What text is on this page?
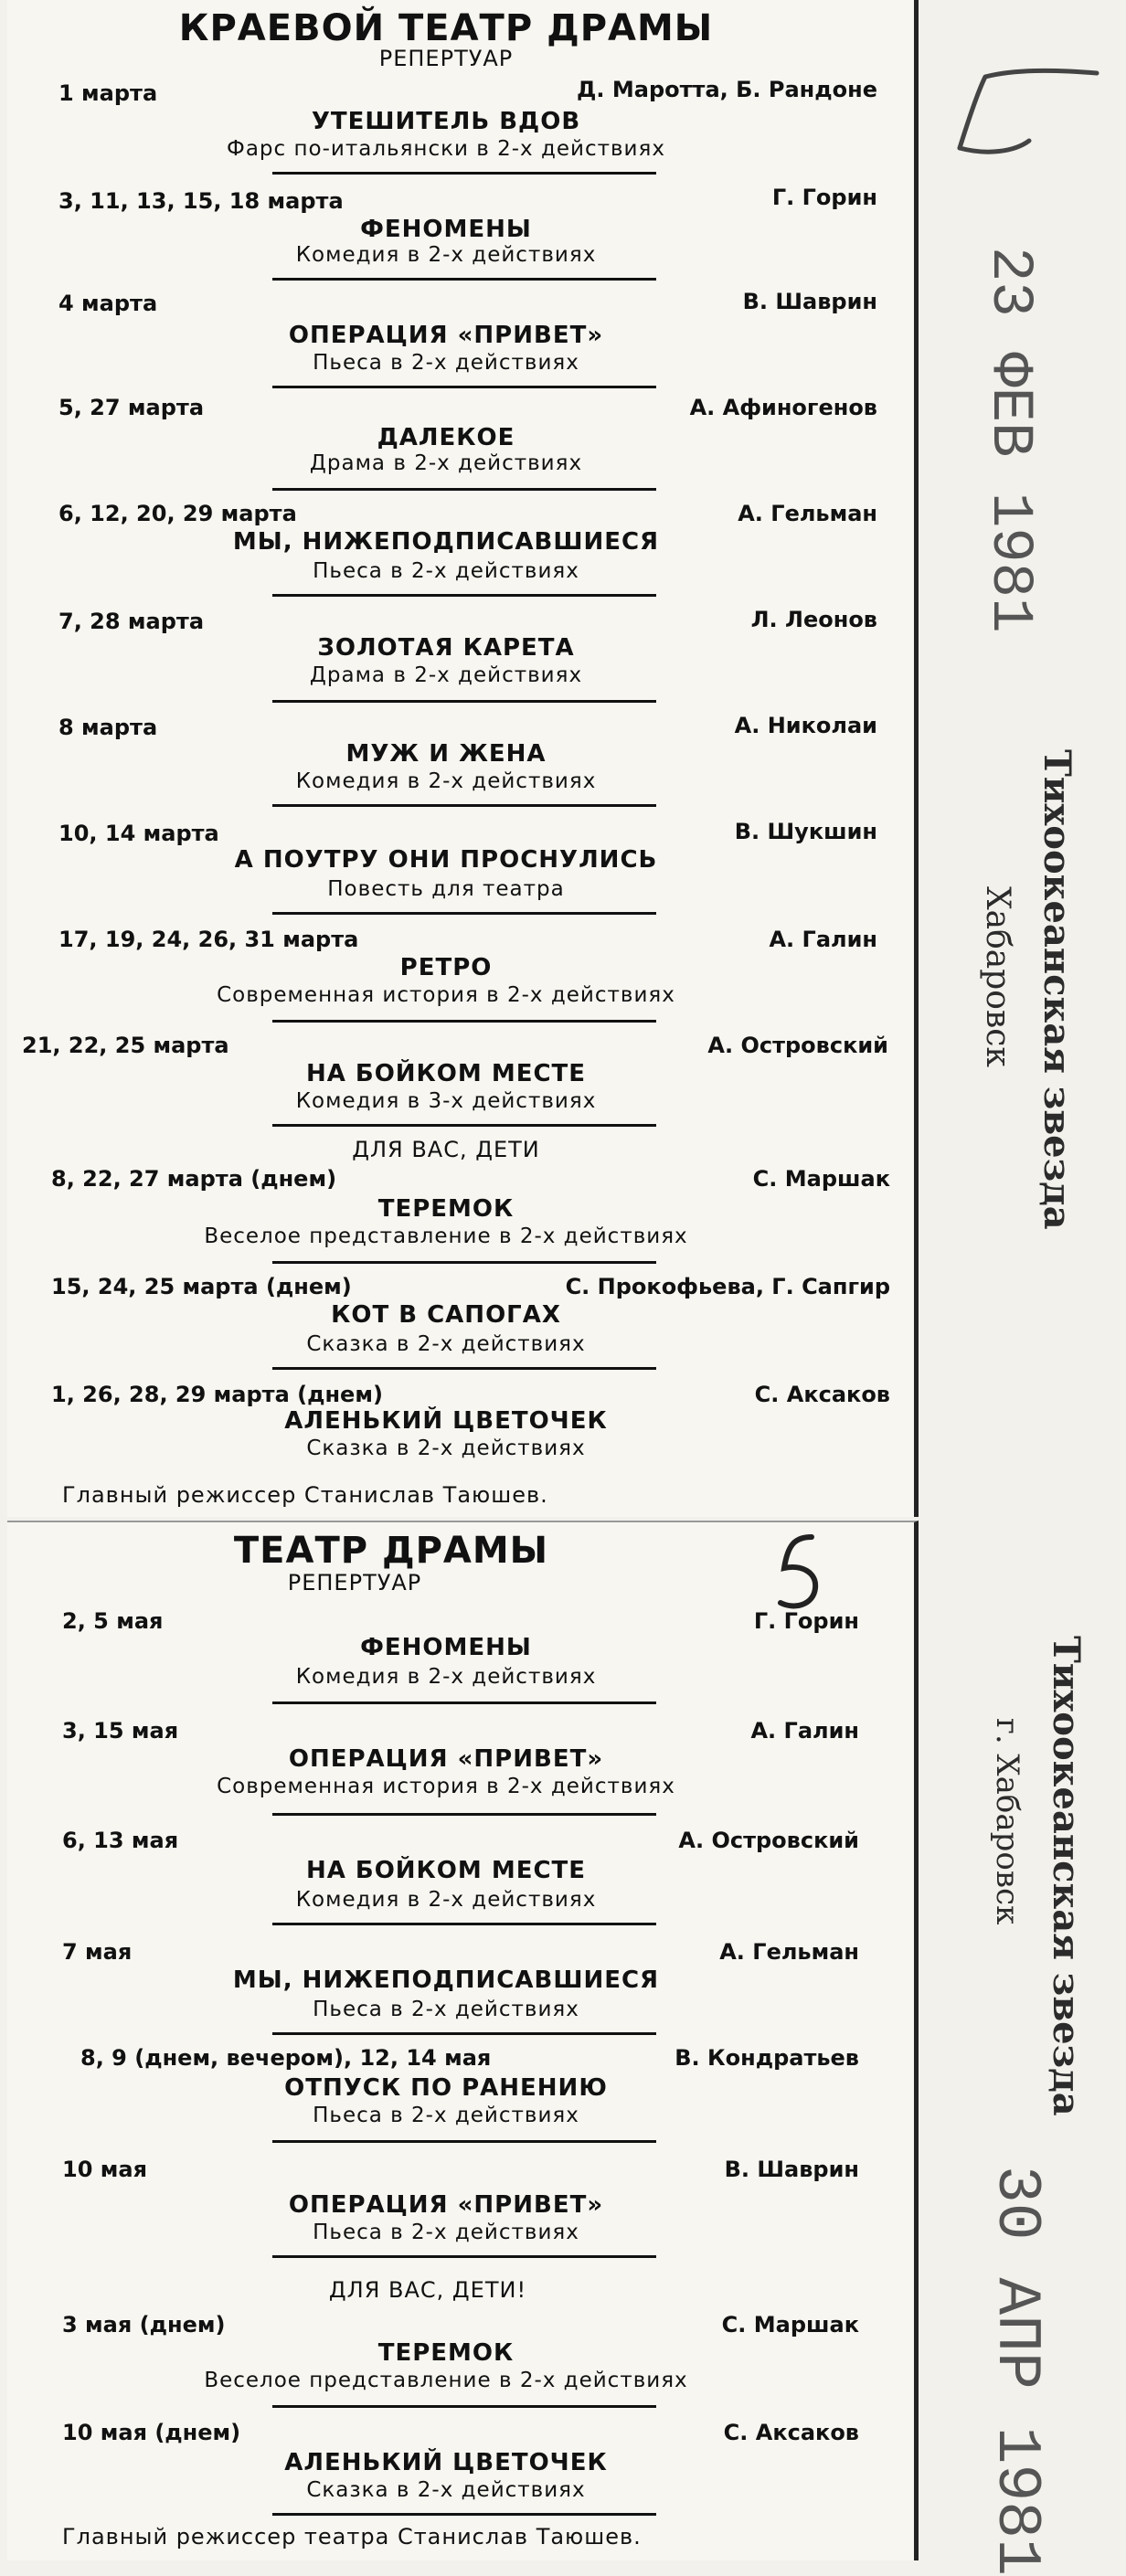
КРАЕВОЙ ТЕАТР ДРАМЫ
РЕПЕРТУАР
1 марта	Д. Маротта, Б. Рандоне
УТЕШИТЕЛЬ ВДОВ
Фарс по-итальянски в 2-х действиях
3, 11, 13, 15, 18 марта	Г. Горин
ФЕНОМЕНЫ
Комедия в 2-х действиях
4 марта	В. Шаврин
ОПЕРАЦИЯ «ПРИВЕТ»
Пьеса в 2-х действиях
5, 27 марта	А. Афиногенов
ДАЛЕКОЕ
Драма в 2-х действиях
6, 12, 20, 29 марта	А. Гельман
МЫ, НИЖЕПОДПИСАВШИЕСЯ
Пьеса в 2-х действиях
7, 28 марта	Л. Леонов
ЗОЛОТАЯ КАРЕТА
Драма в 2-х действиях
8 марта	А. Николаи
МУЖ И ЖЕНА
Комедия в 2-х действиях
10, 14 марта	В. Шукшин
А ПОУТРУ ОНИ ПРОСНУЛИСЬ
Повесть для театра
17, 19, 24, 26, 31 марта	А. Галин
РЕТРО
Современная история в 2-х действиях
21, 22, 25 марта	А. Островский
НА БОЙКОМ МЕСТЕ
Комедия в 3-х действиях
ДЛЯ ВАС, ДЕТИ
8, 22, 27 марта (днем)	С. Маршак
ТЕРЕМОК
Веселое представление в 2-х действиях
15, 24, 25 марта (днем)	С. Прокофьева, Г. Сапгир
КОТ В САПОГАХ
Сказка в 2-х действиях
1, 26, 28, 29 марта (днем)	С. Аксаков
АЛЕНЬКИЙ ЦВЕТОЧЕК
Сказка в 2-х действиях
Главный режиссер Станислав Таюшев.
23 ФЕВ 1981
Тихоокеанская звезда
Хабаровск
ТЕАТР ДРАМЫ
РЕПЕРТУАР
2, 5 мая	Г. Горин
ФЕНОМЕНЫ
Комедия в 2-х действиях
3, 15 мая	А. Галин
ОПЕРАЦИЯ «ПРИВЕТ»
Современная история в 2-х действиях
6, 13 мая	А. Островский
НА БОЙКОМ МЕСТЕ
Комедия в 2-х действиях
7 мая	А. Гельман
МЫ, НИЖЕПОДПИСАВШИЕСЯ
Пьеса в 2-х действиях
8, 9 (днем, вечером), 12, 14 мая	В. Кондратьев
ОТПУСК ПО РАНЕНИЮ
Пьеса в 2-х действиях
10 мая	В. Шаврин
ОПЕРАЦИЯ «ПРИВЕТ»
Пьеса в 2-х действиях
ДЛЯ ВАС, ДЕТИ!
3 мая (днем)	С. Маршак
ТЕРЕМОК
Веселое представление в 2-х действиях
10 мая (днем)	С. Аксаков
АЛЕНЬКИЙ ЦВЕТОЧЕК
Сказка в 2-х действиях
Главный режиссер театра Станислав Таюшев.
Тихоокеанская звезда
г. Хабаровск
30 АПР 1981
